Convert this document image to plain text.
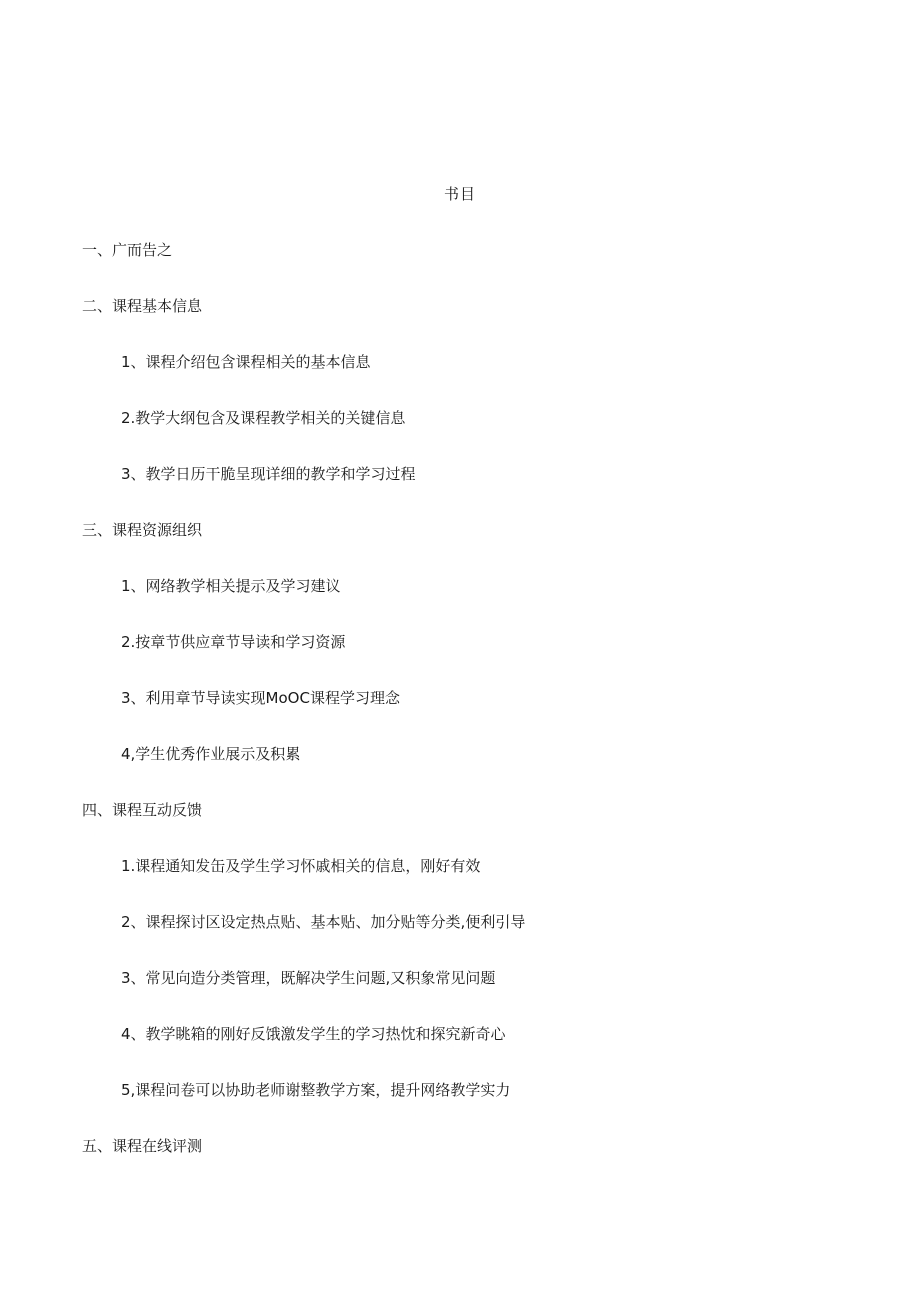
书目
一、广而告之
二、课程基本信息
1、课程介绍包含课程相关的基本信息
2.教学大纲包含及课程教学相关的关键信息
3、教学日历干脆呈现详细的教学和学习过程
三、课程资源组织
1、网络教学相关提示及学习建议
2.按章节供应章节导读和学习资源
3、利用章节导读实现MoOC课程学习理念
4,学生优秀作业展示及积累
四、课程互动反馈
1.课程通知发缶及学生学习怀戚相关的信息，刚好有效
2、课程探讨区设定热点贴、基本贴、加分贴等分类,便利引导
3、常见向造分类管理，既解决学生问题,又积象常见问题
4、教学眺箱的刚好反饿激发学生的学习热忱和探究新奇心
5,课程问卷可以协助老师谢整教学方案，提升网络教学实力
五、课程在线评测
